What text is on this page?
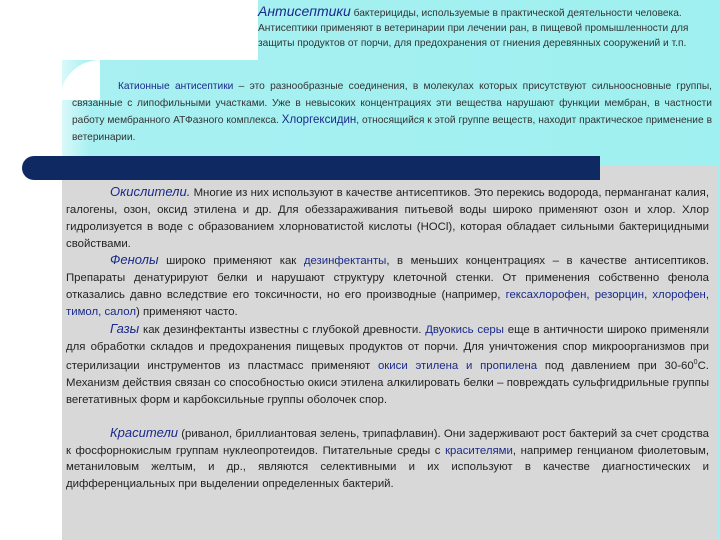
Антисептики бактерициды, используемые в практической деятельности человека. Антисептики применяют в ветеринарии при лечении ран, в пищевой промышленности для защиты продуктов от порчи, для предохранения от гниения деревянных сооружений и т.п.
Катионные антисептики – это разнообразные соединения, в молекулах которых присутствуют сильноосновные группы, связанные с липофильными участками. Уже в невысоких концентрациях эти вещества нарушают функции мембран, в частности работу мембранного АТФазного комплекса. Хлоргексидин, относящийся к этой группе веществ, находит практическое применение в ветеринарии.

Окислители. Многие из них используют в качестве антисептиков. Это перекись водорода, перманганат калия, галогены, озон, оксид этилена и др. Для обеззараживания питьевой воды широко применяют озон и хлор. Хлор гидролизуется в воде с образованием хлорноватистой кислоты (HOCl), которая обладает сильными бактерицидными свойствами.

Фенолы широко применяют как дезинфектанты, в меньших концентрациях – в качестве антисептиков. Препараты денатурируют белки и нарушают структуру клеточной стенки. От применения собственно фенола отказались давно вследствие его токсичности, но его производные (например, гексахлорофен, резорцин, хлорофен, тимол, салол) применяют часто.

Газы как дезинфектанты известны с глубокой древности. Двуокись серы еще в античности широко применяли для обработки складов и предохранения пищевых продуктов от порчи. Для уничтожения спор микроорганизмов при стерилизации инструментов из пластмасс применяют окиси этилена и пропилена под давлением при $30-60^0С$. Механизм действия связан со способностью окиси этилена алкилировать белки – повреждать сульфгидрильные группы вегетативных форм и карбоксильные группы оболочек спор.

Красители (риванол, бриллиантовая зелень, трипафлавин). Они задерживают рост бактерий за счет сродства к фосфорнокислым группам нуклеопротеидов. Питательные среды с красителями, например генцианом фиолетовым, метаниловым желтым, и др., являются селективными и их используют в качестве диагностических и дифференциальных при выделении определенных бактерий.
